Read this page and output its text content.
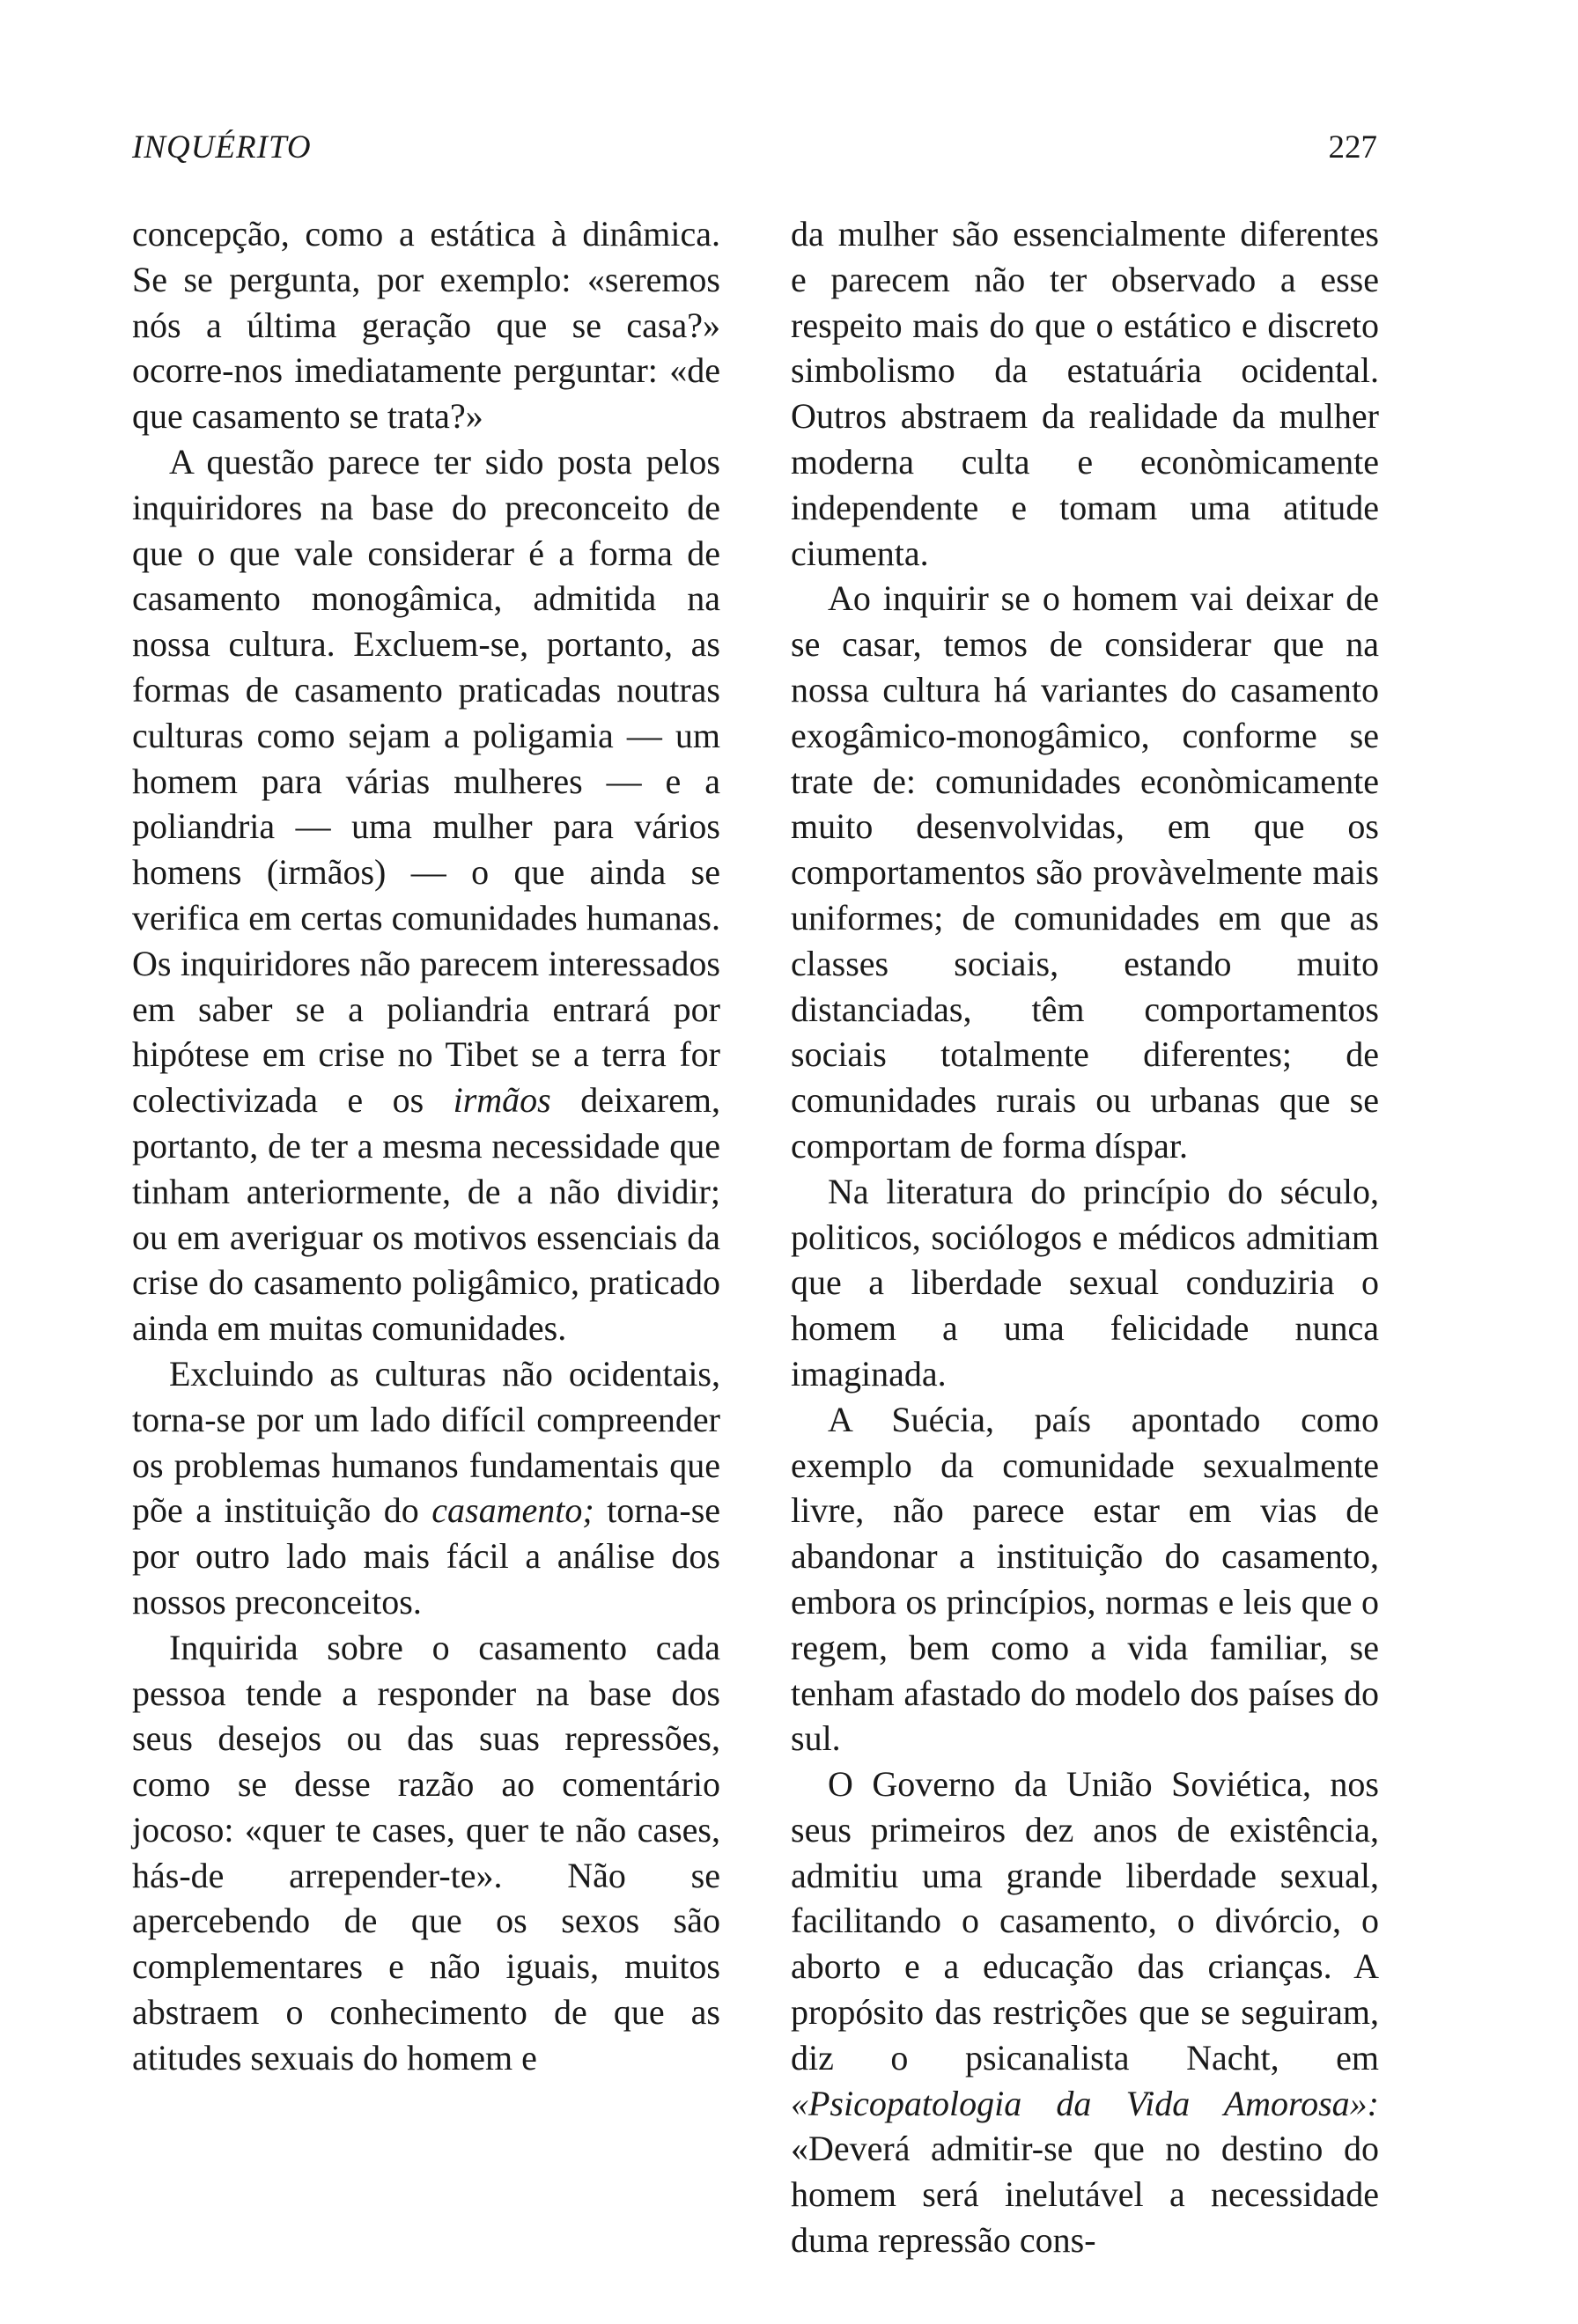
INQUÉRITO	227

concepção, como a estática à dinâmica. Se se pergunta, por exemplo: «seremos nós a última geração que se casa?» ocorre-nos imediatamente perguntar: «de que casamento se trata?»

A questão parece ter sido posta pelos inquiridores na base do preconceito de que o que vale considerar é a forma de casamento monogâmica, admitida na nossa cultura. Excluem-se, portanto, as formas de casamento praticadas noutras culturas como sejam a poligamia — um homem para várias mulheres — e a poliandria — uma mulher para vários homens (irmãos) — o que ainda se verifica em certas comunidades humanas. Os inquiridores não parecem interessados em saber se a poliandria entrará por hipótese em crise no Tibet se a terra for colectivizada e os irmãos deixarem, portanto, de ter a mesma necessidade que tinham anteriormente, de a não dividir; ou em averiguar os motivos essenciais da crise do casamento poligâmico, praticado ainda em muitas comunidades.

Excluindo as culturas não ocidentais, torna-se por um lado difícil compreender os problemas humanos fundamentais que põe a instituição do casamento; torna-se por outro lado mais fácil a análise dos nossos preconceitos.

Inquirida sobre o casamento cada pessoa tende a responder na base dos seus desejos ou das suas repressões, como se desse razão ao comentário jocoso: «quer te cases, quer te não cases, hás-de arrepender-te». Não se apercebendo de que os sexos são complementares e não iguais, muitos abstraem o conhecimento de que as atitudes sexuais do homem e

da mulher são essencialmente diferentes e parecem não ter observado a esse respeito mais do que o estático e discreto simbolismo da estatuária ocidental. Outros abstraem da realidade da mulher moderna culta e econòmicamente independente e tomam uma atitude ciumenta.

Ao inquirir se o homem vai deixar de se casar, temos de considerar que na nossa cultura há variantes do casamento exogâmico-monogâmico, conforme se trate de: comunidades econòmicamente muito desenvolvidas, em que os comportamentos são provàvelmente mais uniformes; de comunidades em que as classes sociais, estando muito distanciadas, têm comportamentos sociais totalmente diferentes; de comunidades rurais ou urbanas que se comportam de forma díspar.

Na literatura do princípio do século, politicos, sociólogos e médicos admitiam que a liberdade sexual conduziria o homem a uma felicidade nunca imaginada.

A Suécia, país apontado como exemplo da comunidade sexualmente livre, não parece estar em vias de abandonar a instituição do casamento, embora os princípios, normas e leis que o regem, bem como a vida familiar, se tenham afastado do modelo dos países do sul.

O Governo da União Soviética, nos seus primeiros dez anos de existência, admitiu uma grande liberdade sexual, facilitando o casamento, o divórcio, o aborto e a educação das crianças. A propósito das restrições que se seguiram, diz o psicanalista Nacht, em «Psicopatologia da Vida Amorosa»: «Deverá admitir-se que no destino do homem será inelutável a necessidade duma repressão cons-
